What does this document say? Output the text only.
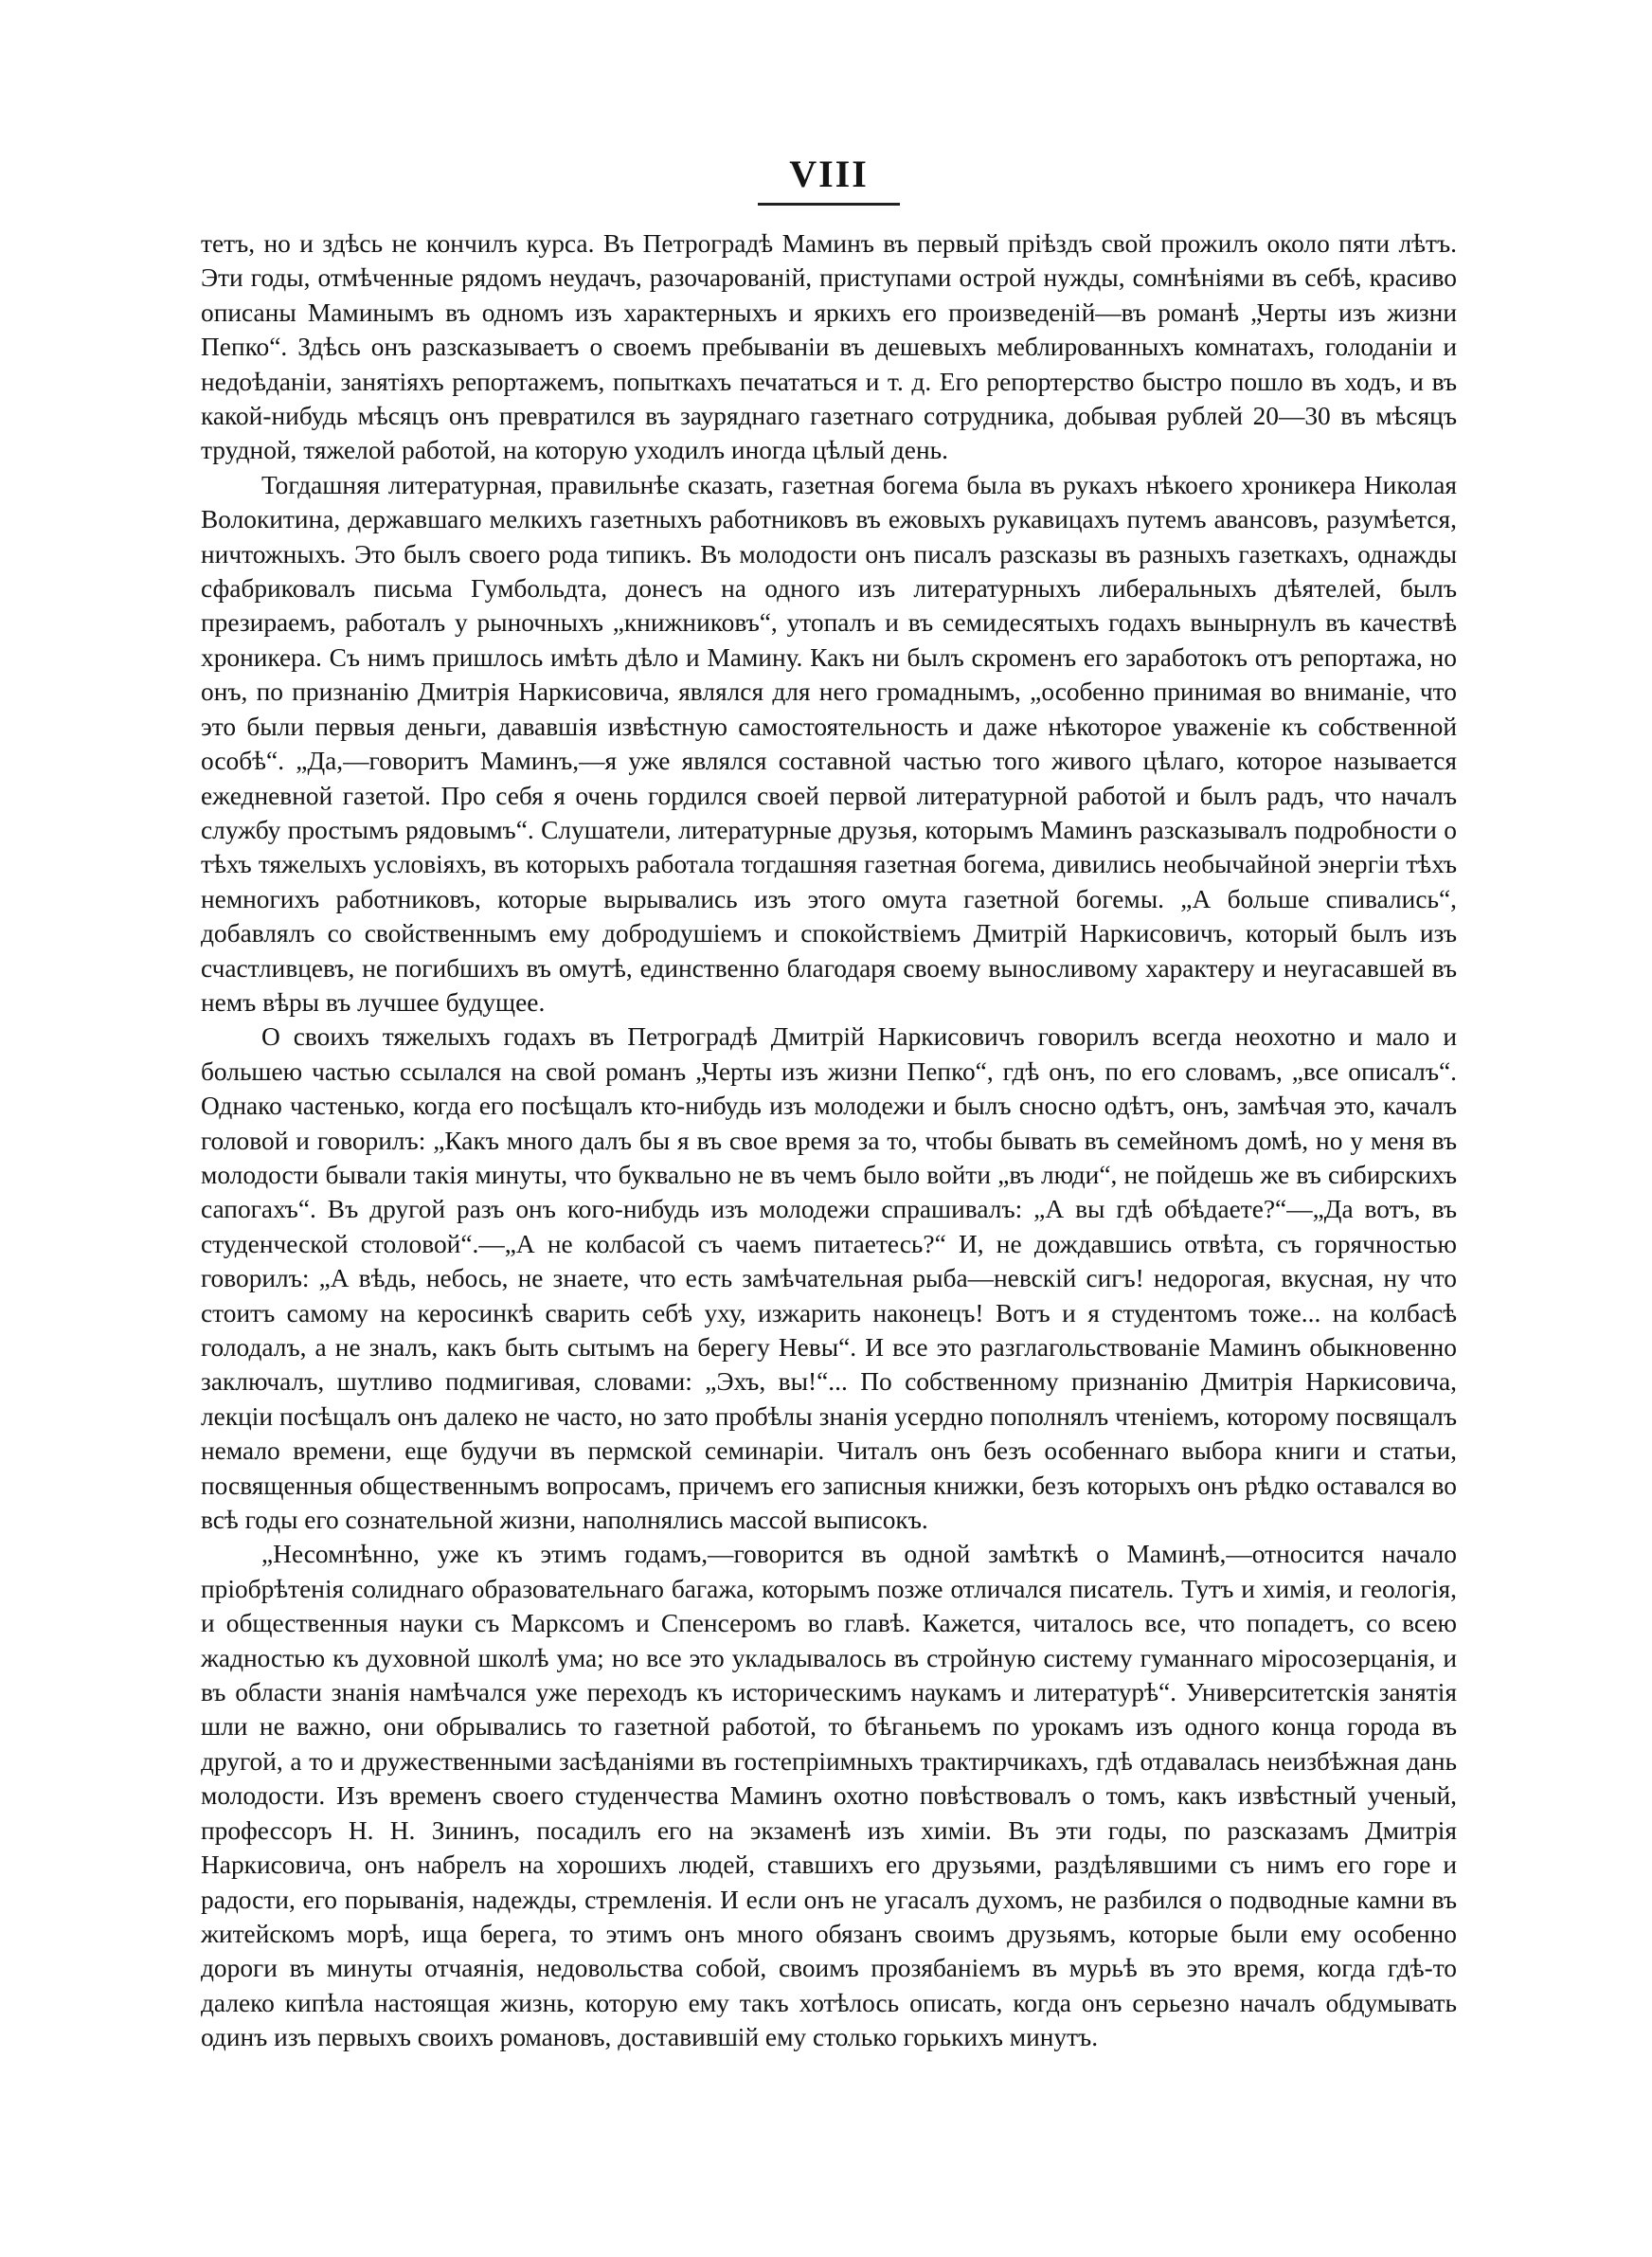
VIII

тетъ, но и здѣсь не кончилъ курса. Въ Петроградѣ Маминъ въ первый пріѣздъ свой прожилъ около пяти лѣтъ. Эти годы, отмѣченные рядомъ неудачъ, разочарованій, приступами острой нужды, сомнѣніями въ себѣ, красиво описаны Маминымъ въ одномъ изъ характерныхъ и яркихъ его произведеній—въ романѣ „Черты изъ жизни Пепко“. Здѣсь онъ разсказываетъ о своемъ пребываніи въ дешевыхъ меблированныхъ комнатахъ, голоданіи и недоѣданіи, занятіяхъ репортажемъ, попыткахъ печататься и т. д. Его репортерство быстро пошло въ ходъ, и въ какой-нибудь мѣсяцъ онъ превратился въ зауряднаго газетнаго сотрудника, добывая рублей 20—30 въ мѣсяцъ трудной, тяжелой работой, на которую уходилъ иногда цѣлый день.

Тогдашняя литературная, правильнѣе сказать, газетная богема была въ рукахъ нѣкоего хроникера Николая Волокитина, державшаго мелкихъ газетныхъ работниковъ въ ежовыхъ рукавицахъ путемъ авансовъ, разумѣется, ничтожныхъ. Это былъ своего рода типикъ. Въ молодости онъ писалъ разсказы въ разныхъ газеткахъ, однажды сфабриковалъ письма Гумбольдта, донесъ на одного изъ литературныхъ либеральныхъ дѣятелей, былъ презираемъ, работалъ у рыночныхъ „книжниковъ“, утопалъ и въ семидесятыхъ годахъ вынырнулъ въ качествѣ хроникера. Съ нимъ пришлось имѣть дѣло и Мамину. Какъ ни былъ скроменъ его заработокъ отъ репортажа, но онъ, по признанію Дмитрія Наркисовича, являлся для него громаднымъ, „особенно принимая во вниманіе, что это были первыя деньги, дававшія извѣстную самостоятельность и даже нѣкоторое уваженіе къ собственной особѣ“. „Да,—говоритъ Маминъ,—я уже являлся составной частью того живого цѣлаго, которое называется ежедневной газетой. Про себя я очень гордился своей первой литературной работой и былъ радъ, что началъ службу простымъ рядовымъ“. Слушатели, литературные друзья, которымъ Маминъ разсказывалъ подробности о тѣхъ тяжелыхъ условіяхъ, въ которыхъ работала тогдашняя газетная богема, дивились необычайной энергіи тѣхъ немногихъ работниковъ, которые вырывались изъ этого омута газетной богемы. „А больше спивались“, добавлялъ со свойственнымъ ему добродушіемъ и спокойствіемъ Дмитрій Наркисовичъ, который былъ изъ счастливцевъ, не погибшихъ въ омутѣ, единственно благодаря своему выносливому характеру и неугасавшей въ немъ вѣры въ лучшее будущее.

О своихъ тяжелыхъ годахъ въ Петроградѣ Дмитрій Наркисовичъ говорилъ всегда неохотно и мало и большею частью ссылался на свой романъ „Черты изъ жизни Пепко“, гдѣ онъ, по его словамъ, „все описалъ“. Однако частенько, когда его посѣщалъ кто-нибудь изъ молодежи и былъ сносно одѣтъ, онъ, замѣчая это, качалъ головой и говорилъ: „Какъ много далъ бы я въ свое время за то, чтобы бывать въ семейномъ домѣ, но у меня въ молодости бывали такія минуты, что буквально не въ чемъ было войти „въ люди“, не пойдешь же въ сибирскихъ сапогахъ“. Въ другой разъ онъ кого-нибудь изъ молодежи спрашивалъ: „А вы гдѣ обѣдаете?“—„Да вотъ, въ студенческой столовой“.—„А не колбасой съ чаемъ питаетесь?“ И, не дождавшись отвѣта, съ горячностью говорилъ: „А вѣдь, небось, не знаете, что есть замѣчательная рыба—невскій сигъ! недорогая, вкусная, ну что стоитъ самому на керосинкѣ сварить себѣ уху, изжарить наконецъ! Вотъ и я студентомъ тоже... на колбасѣ голодалъ, а не зналъ, какъ быть сытымъ на берегу Невы“. И все это разглагольствованіе Маминъ обыкновенно заключалъ, шутливо подмигивая, словами: „Эхъ, вы!“... По собственному признанію Дмитрія Наркисовича, лекціи посѣщалъ онъ далеко не часто, но зато пробѣлы знанія усердно пополнялъ чтеніемъ, которому посвящалъ немало времени, еще будучи въ пермской семинаріи. Читалъ онъ безъ особеннаго выбора книги и статьи, посвященныя общественнымъ вопросамъ, причемъ его записныя книжки, безъ которыхъ онъ рѣдко оставался во всѣ годы его сознательной жизни, наполнялись массой выписокъ.

„Несомнѣнно, уже къ этимъ годамъ,—говорится въ одной замѣткѣ о Маминѣ,—относится начало пріобрѣтенія солиднаго образовательнаго багажа, которымъ позже отличался писатель. Тутъ и химія, и геологія, и общественныя науки съ Марксомъ и Спенсеромъ во главѣ. Кажется, читалось все, что попадетъ, со всею жадностью къ духовной школѣ ума; но все это укладывалось въ стройную систему гуманнаго міросозерцанія, и въ области знанія намѣчался уже переходъ къ историческимъ наукамъ и литературѣ“. Университетскія занятія шли не важно, они обрывались то газетной работой, то бѣганьемъ по урокамъ изъ одного конца города въ другой, а то и дружественными засѣданіями въ гостепріимныхъ трактирчикахъ, гдѣ отдавалась неизбѣжная дань молодости. Изъ временъ своего студенчества Маминъ охотно повѣствовалъ о томъ, какъ извѣстный ученый, профессоръ Н. Н. Зининъ, посадилъ его на экзаменѣ изъ химіи. Въ эти годы, по разсказамъ Дмитрія Наркисовича, онъ набрелъ на хорошихъ людей, ставшихъ его друзьями, раздѣлявшими съ нимъ его горе и радости, его порыванія, надежды, стремленія. И если онъ не угасалъ духомъ, не разбился о подводные камни въ житейскомъ морѣ, ища берега, то этимъ онъ много обязанъ своимъ друзьямъ, которые были ему особенно дороги въ минуты отчаянія, недовольства собой, своимъ прозябаніемъ въ мурьѣ въ это время, когда гдѣ-то далеко кипѣла настоящая жизнь, которую ему такъ хотѣлось описать, когда онъ серьезно началъ обдумывать одинъ изъ первыхъ своихъ романовъ, доставившій ему столько горькихъ минутъ.
